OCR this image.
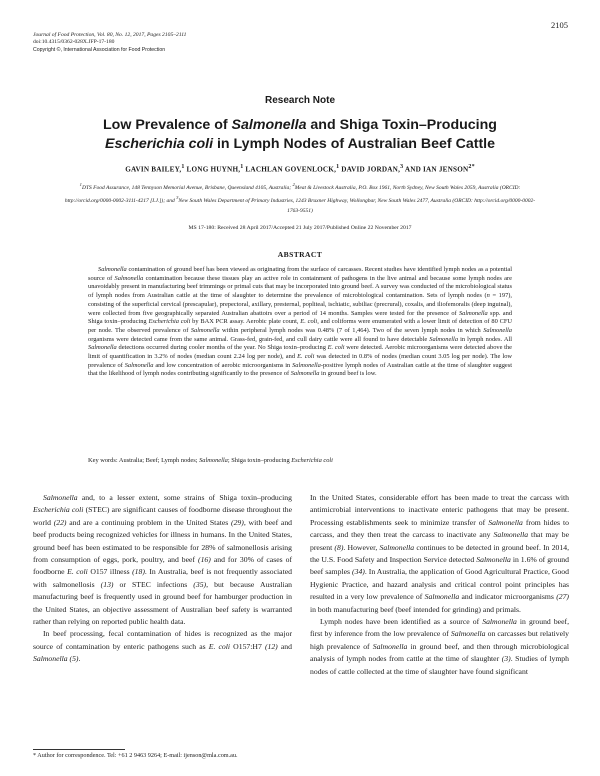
2105
Journal of Food Protection, Vol. 80, No. 12, 2017, Pages 2105–2111
doi:10.4315/0362-028X.JFP-17-180
Copyright ©, International Association for Food Protection
Research Note
Low Prevalence of Salmonella and Shiga Toxin–Producing
Escherichia coli in Lymph Nodes of Australian Beef Cattle
GAVIN BAILEY,$^1$ LONG HUYNH,$^1$ LACHLAN GOVENLOCK,$^1$ DAVID JORDAN,$^3$ AND IAN $JENSON^{2*}$
$^1$DTS Food Assurance, 148 Tennyson Memorial Avenue, Brisbane, Queensland 4105, Australia; $^2$Meat & Livestock Australia, P.O. Box 1961, North Sydney, New South Wales 2059, Australia (ORCID: http://orcid.org/0000-0002-3111-4217 [I.J.]); and $^3$New South Wales Department of Primary Industries, 1243 Bruxner Highway, Wollongbar, New South Wales 2477, Australia (ORCID: http://orcid.org/0000-0002-1763-9551)
MS 17-180: Received 28 April 2017/Accepted 21 July 2017/Published Online 22 November 2017
ABSTRACT
Salmonella contamination of ground beef has been viewed as originating from the surface of carcasses. Recent studies have identified lymph nodes as a potential source of Salmonella contamination because these tissues play an active role in containment of pathogens in the live animal and because some lymph nodes are unavoidably present in manufacturing beef trimmings or primal cuts that may be incorporated into ground beef. A survey was conducted of the microbiological status of lymph nodes from Australian cattle at the time of slaughter to determine the prevalence of microbiological contamination. Sets of lymph nodes (n = 197), consisting of the superficial cervical (prescapular), prepectoral, axillary, presternal, popliteal, ischiatic, subiliac (precrural), coxalis, and iliofemoralis (deep inguinal), were collected from five geographically separated Australian abattoirs over a period of 14 months. Samples were tested for the presence of Salmonella spp. and Shiga toxin–producing Escherichia coli by BAX PCR assay. Aerobic plate count, E. coli, and coliforms were enumerated with a lower limit of detection of 80 CFU per node. The observed prevalence of Salmonella within peripheral lymph nodes was 0.48% (7 of 1,464). Two of the seven lymph nodes in which Salmonella organisms were detected came from the same animal. Grass-fed, grain-fed, and cull dairy cattle were all found to have detectable Salmonella in lymph nodes. All Salmonella detections occurred during cooler months of the year. No Shiga toxin–producing E. coli were detected. Aerobic microorganisms were detected above the limit of quantification in 3.2% of nodes (median count 2.24 log per node), and E. coli was detected in 0.8% of nodes (median count 3.05 log per node). The low prevalence of Salmonella and low concentration of aerobic microorganisms in Salmonella-positive lymph nodes of Australian cattle at the time of slaughter suggest that the likelihood of lymph nodes contributing significantly to the presence of Salmonella in ground beef is low.
Key words: Australia; Beef; Lymph nodes; Salmonella; Shiga toxin–producing Escherichia coli

Salmonella and, to a lesser extent, some strains of Shiga toxin–producing Escherichia coli (STEC) are significant causes of foodborne disease throughout the world (22) and are a continuing problem in the United States (29), with beef and beef products being recognized vehicles for illness in humans. In the United States, ground beef has been estimated to be responsible for 28% of salmonellosis arising from consumption of eggs, pork, poultry, and beef (16) and for 30% of cases of foodborne E. coli O157 illness (18). In Australia, beef is not frequently associated with salmonellosis (13) or STEC infections (35), but because Australian manufacturing beef is frequently used in ground beef for hamburger production in the United States, an objective assessment of Australian beef safety is warranted rather than relying on reported public health data.

In beef processing, fecal contamination of hides is recognized as the major source of contamination by enteric pathogens such as E. coli O157:H7 (12) and Salmonella (5).

In the United States, considerable effort has been made to treat the carcass with antimicrobial interventions to inactivate enteric pathogens that may be present. Processing establishments seek to minimize transfer of Salmonella from hides to carcass, and they then treat the carcass to inactivate any Salmonella that may be present (8). However, Salmonella continues to be detected in ground beef. In 2014, the U.S. Food Safety and Inspection Service detected Salmonella in 1.6% of ground beef samples (34). In Australia, the application of Good Agricultural Practice, Good Hygienic Practice, and hazard analysis and critical control point principles has resulted in a very low prevalence of Salmonella and indicator microorganisms (27) in both manufacturing beef (beef intended for grinding) and primals.

Lymph nodes have been identified as a source of Salmonella in ground beef, first by inference from the low prevalence of Salmonella on carcasses but relatively high prevalence of Salmonella in ground beef, and then through microbiological analysis of lymph nodes from cattle at the time of slaughter (3). Studies of lymph nodes of cattle collected at the time of slaughter have found significant

* Author for correspondence. Tel: +61 2 9463 9264; E-mail: ijenson@mla.com.au.
